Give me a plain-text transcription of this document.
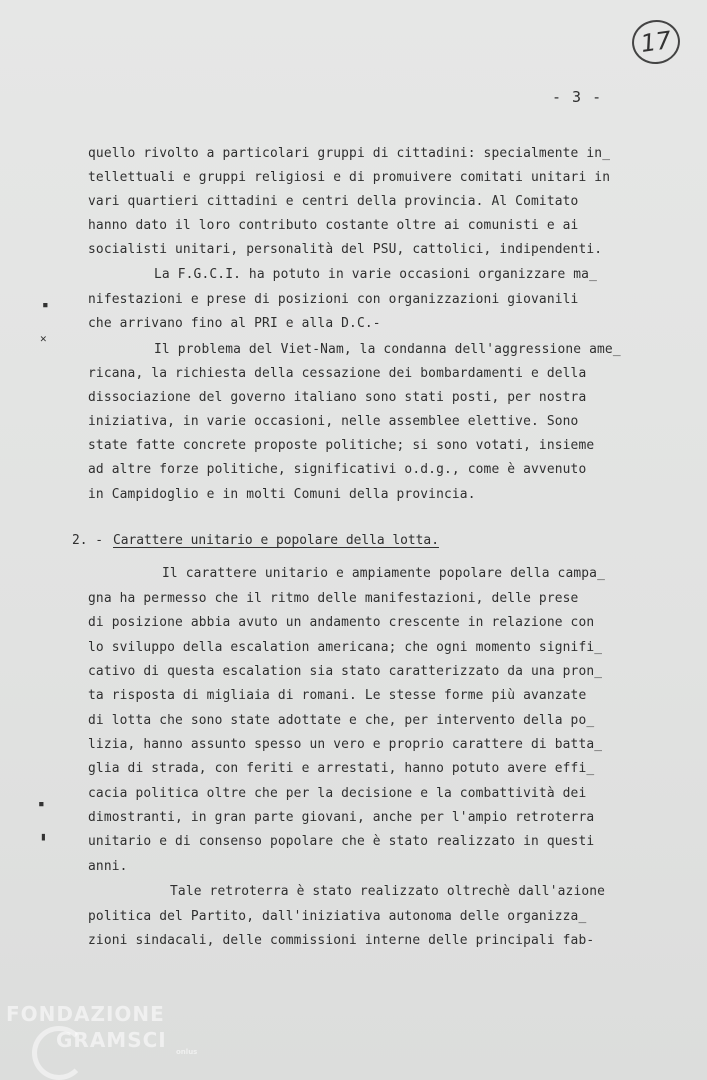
17
- 3 -
quello rivolto a particolari gruppi di cittadini: specialmente in_
tellettuali e gruppi religiosi e di promuivere comitati unitari in
vari quartieri cittadini e centri della provincia. Al Comitato
hanno dato il loro contributo costante oltre ai comunisti e ai
socialisti unitari, personalità del PSU, cattolici, indipendenti.
La F.G.C.I. ha potuto in varie occasioni organizzare ma_
nifestazioni e prese di posizioni con organizzazioni giovanili
che arrivano fino al PRI e alla D.C.-
Il problema del Viet-Nam, la condanna dell'aggressione ame_
ricana, la richiesta della cessazione dei bombardamenti e della
dissociazione del governo italiano sono stati posti, per nostra
iniziativa, in varie occasioni, nelle assemblee elettive. Sono
state fatte concrete proposte politiche; si sono votati, insieme
ad altre forze politiche, significativi o.d.g., come è avvenuto
in Campidoglio e in molti Comuni della provincia.
2. - Carattere unitario e popolare della lotta.
Il carattere unitario e ampiamente popolare della campa_
gna ha permesso che il ritmo delle manifestazioni, delle prese
di posizione abbia avuto un andamento crescente in relazione con
lo sviluppo della escalation americana; che ogni momento signifi_
cativo di questa escalation sia stato caratterizzato da una pron_
ta risposta di migliaia di romani. Le stesse forme più avanzate
di lotta che sono state adottate e che, per intervento della po_
lizia, hanno assunto spesso un vero e proprio carattere di batta_
glia di strada, con feriti e arrestati, hanno potuto avere effi_
cacia politica oltre che per la decisione e la combattività dei
dimostranti, in gran parte giovani, anche per l'ampio retroterra
unitario e di consenso popolare che è stato realizzato in questi
anni.
Tale retroterra è stato realizzato oltrechè dall'azione
politica del Partito, dall'iniziativa autonoma delle organizza_
zioni sindacali, delle commissioni interne delle principali fab-
▪
✕
▪
▮
FONDAZIONE
GRAMSCI	onlus
